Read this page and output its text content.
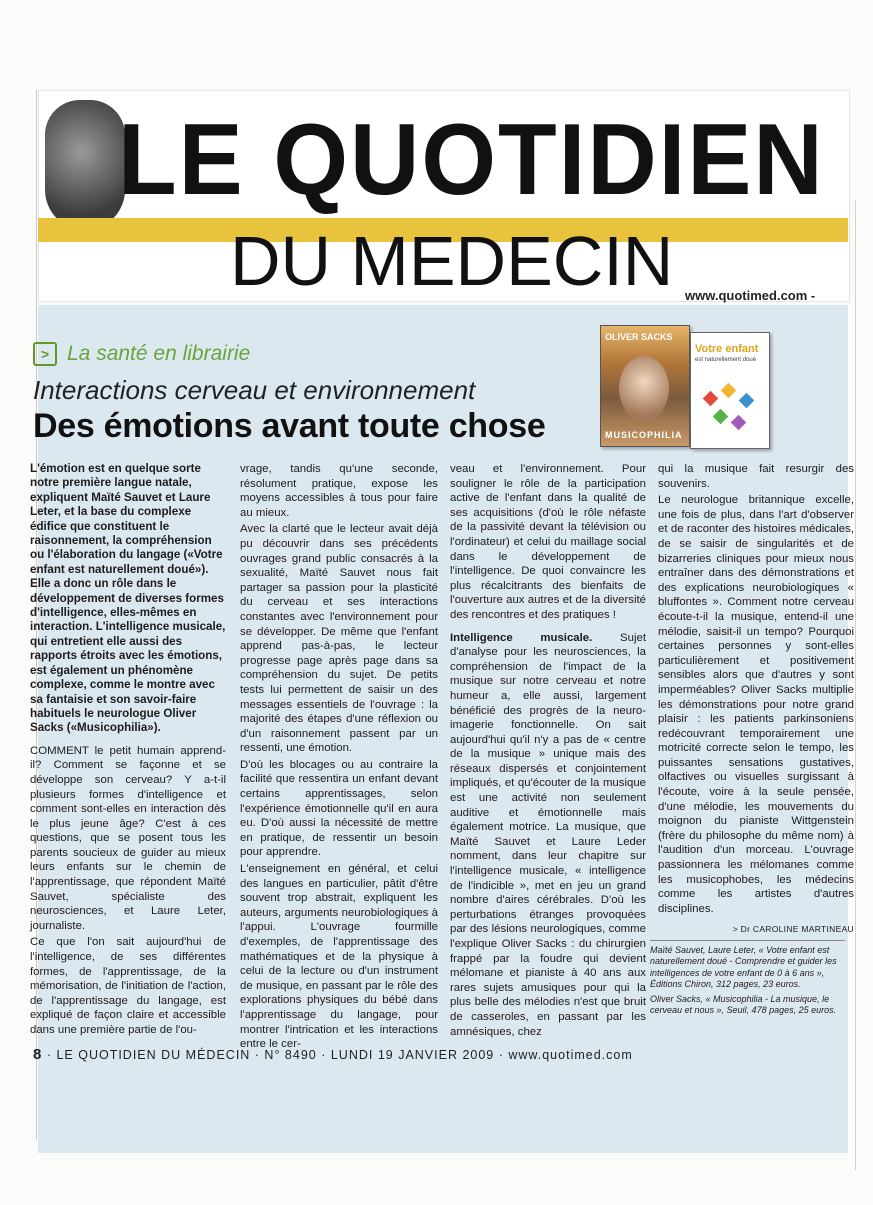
LE QUOTIDIEN
DU MEDECIN www.quotimed.com -
> La santé en librairie
Interactions cerveau et environnement
Des émotions avant toute chose
OLIVER SACKS
MUSICOPHILIA
Votre enfant
est naturellement doué

L'émotion est en quelque sorte notre première langue natale, expliquent Maïté Sauvet et Laure Leter, et la base du complexe édifice que constituent le raisonnement, la compréhension ou l'élaboration du langage («Votre enfant est naturellement doué»). Elle a donc un rôle dans le développement de diverses formes d'intelligence, elles-mêmes en interaction. L'intelligence musicale, qui entretient elle aussi des rapports étroits avec les émotions, est également un phénomène complexe, comme le montre avec sa fantaisie et son savoir-faire habituels le neurologue Oliver Sacks («Musicophilia»).

COMMENT le petit humain apprend-il? Comment se façonne et se développe son cerveau? Y a-t-il plusieurs formes d'intelligence et comment sont-elles en interaction dès le plus jeune âge? C'est à ces questions, que se posent tous les parents soucieux de guider au mieux leurs enfants sur le chemin de l'apprentissage, que répondent Maïté Sauvet, spécialiste des neurosciences, et Laure Leter, journaliste.

Ce que l'on sait aujourd'hui de l'intelligence, de ses différentes formes, de l'apprentissage, de la mémorisation, de l'initiation de l'action, de l'apprentissage du langage, est expliqué de façon claire et accessible dans une première partie de l'ou-

vrage, tandis qu'une seconde, résolument pratique, expose les moyens accessibles à tous pour faire au mieux.

Avec la clarté que le lecteur avait déjà pu découvrir dans ses précédents ouvrages grand public consacrés à la sexualité, Maïté Sauvet nous fait partager sa passion pour la plasticité du cerveau et ses interactions constantes avec l'environnement pour se développer. De même que l'enfant apprend pas-à-pas, le lecteur progresse page après page dans sa compréhension du sujet. De petits tests lui permettent de saisir un des messages essentiels de l'ouvrage : la majorité des étapes d'une réflexion ou d'un raisonnement passent par un ressenti, une émotion.

D'où les blocages ou au contraire la facilité que ressentira un enfant devant certains apprentissages, selon l'expérience émotionnelle qu'il en aura eu. D'où aussi la nécessité de mettre en pratique, de ressentir un besoin pour apprendre.

L'enseignement en général, et celui des langues en particulier, pâtit d'être souvent trop abstrait, expliquent les auteurs, arguments neurobiologiques à l'appui. L'ouvrage fourmille d'exemples, de l'apprentissage des mathématiques et de la physique à celui de la lecture ou d'un instrument de musique, en passant par le rôle des explorations physiques du bébé dans l'apprentissage du langage, pour montrer l'intrication et les interactions entre le cer-

veau et l'environnement. Pour souligner le rôle de la participation active de l'enfant dans la qualité de ses acquisitions (d'où le rôle néfaste de la passivité devant la télévision ou l'ordinateur) et celui du maillage social dans le développement de l'intelligence. De quoi convaincre les plus récalcitrants des bienfaits de l'ouverture aux autres et de la diversité des rencontres et des pratiques !

Intelligence musicale. Sujet d'analyse pour les neurosciences, la compréhension de l'impact de la musique sur notre cerveau et notre humeur a, elle aussi, largement bénéficié des progrès de la neuro-imagerie fonctionnelle. On sait aujourd'hui qu'il n'y a pas de « centre de la musique » unique mais des réseaux dispersés et conjointement impliqués, et qu'écouter de la musique est une activité non seulement auditive et émotionnelle mais également motrice. La musique, que Maïté Sauvet et Laure Leder nomment, dans leur chapitre sur l'intelligence musicale, « intelligence de l'indicible », met en jeu un grand nombre d'aires cérébrales. D'où les perturbations étranges provoquées par des lésions neurologiques, comme l'explique Oliver Sacks : du chirurgien frappé par la foudre qui devient mélomane et pianiste à 40 ans aux rares sujets amusiques pour qui la plus belle des mélodies n'est que bruit de casseroles, en passant par les amnésiques, chez

qui la musique fait resurgir des souvenirs.

Le neurologue britannique excelle, une fois de plus, dans l'art d'observer et de raconter des histoires médicales, de se saisir de singularités et de bizarreries cliniques pour mieux nous entraîner dans des démonstrations et des explications neurobiologiques « bluffontes ». Comment notre cerveau écoute-t-il la musique, entend-il une mélodie, saisit-il un tempo? Pourquoi certaines personnes y sont-elles particulièrement et positivement sensibles alors que d'autres y sont imperméables? Oliver Sacks multiplie les démonstrations pour notre grand plaisir : les patients parkinsoniens redécouvrant temporairement une motricité correcte selon le tempo, les puissantes sensations gustatives, olfactives ou visuelles surgissant à l'écoute, voire à la seule pensée, d'une mélodie, les mouvements du moignon du pianiste Wittgenstein (frère du philosophe du même nom) à l'audition d'un morceau. L'ouvrage passionnera les mélomanes comme les musicophobes, les médecins comme les artistes d'autres disciplines.

> Dr CAROLINE MARTINEAU

Maïté Sauvet, Laure Leter, « Votre enfant est naturellement doué - Comprendre et guider les intelligences de votre enfant de 0 à 6 ans », Éditions Chiron, 312 pages, 23 euros.

Oliver Sacks, « Musicophilia - La musique, le cerveau et nous », Seuil, 478 pages, 25 euros.

8 · LE QUOTIDIEN DU MÉDECIN · N° 8490 · LUNDI 19 JANVIER 2009 · www.quotimed.com
